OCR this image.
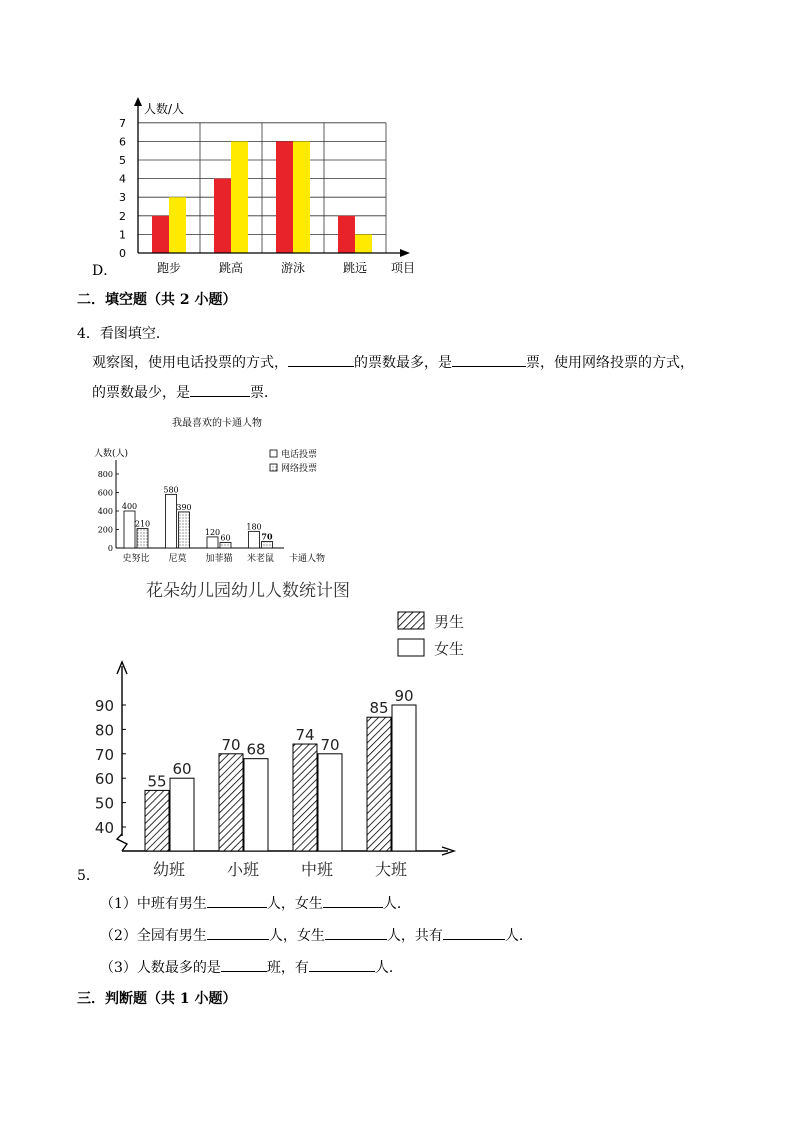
D．	跑步	跳高	游泳	跳远
0
1
2
3
4
5
6
7
人数/人
项目
二．填空题（共 2 小题）
4．看图填空．
观察图，使用电话投票的方式，	的票数最多，是	票，使用网络投票的方式，
的票数最少，是	票．
我最喜欢的卡通人物
人数(人)
0
200
400
600
800
400
210
史努比
580
390
尼莫
120
60
加菲猫
180
70
米老鼠 卡通人物
电话投票
网络投票
花朵幼儿园幼儿人数统计图
男生
女生
40
50
60
70
80
90
55
60
幼班
70 68
小班
74
70
中班
85
90
大班
5．
（1）中班有男生	人，女生	人．
（2）全园有男生	人，女生	人，共有	人．
（3）人数最多的是	班，有	人．
三．判断题（共 1 小题）
